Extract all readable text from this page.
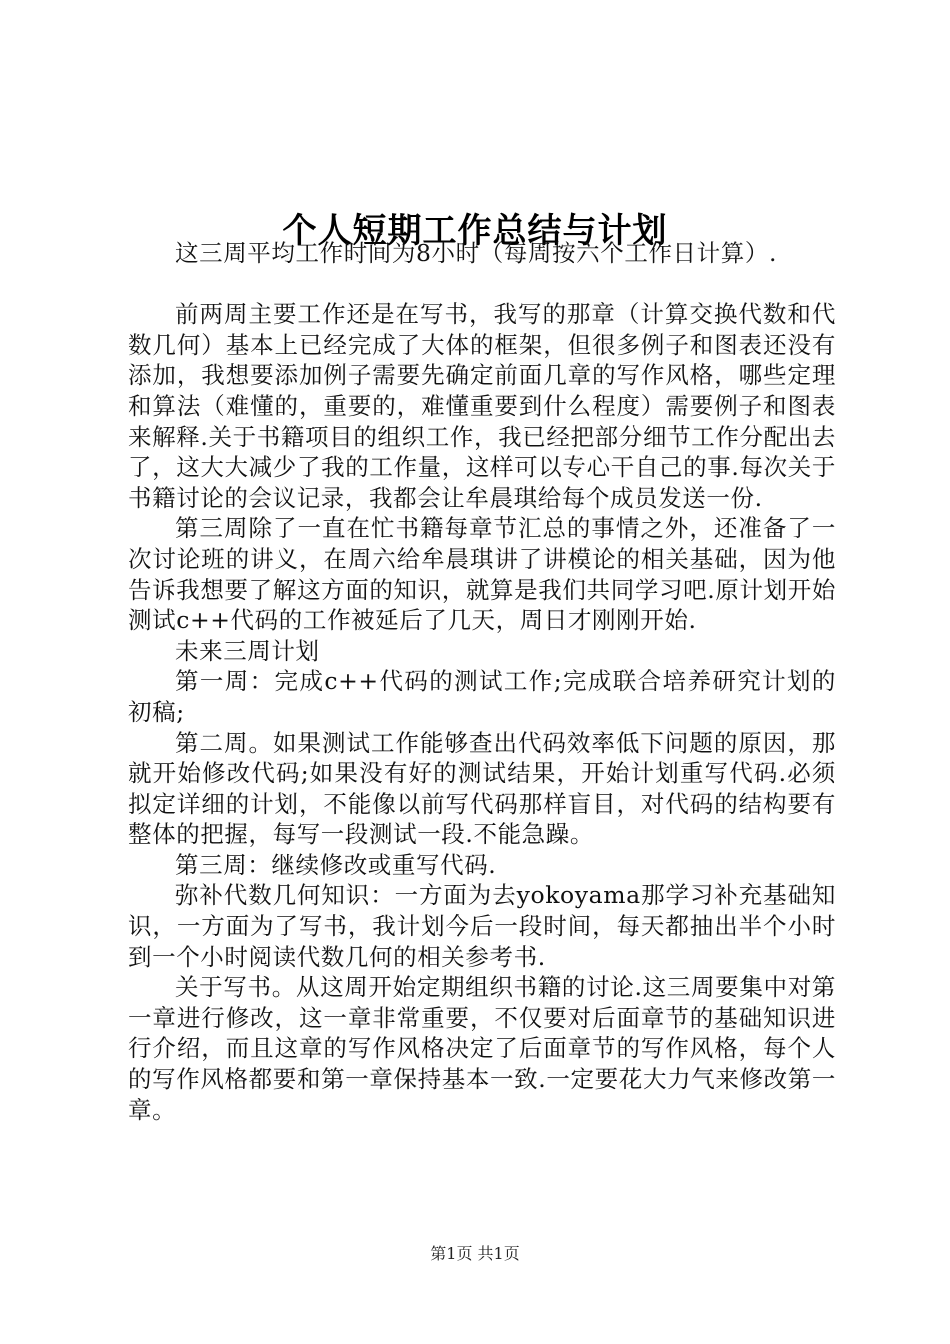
个人短期工作总结与计划

这三周平均工作时间为8小时（每周按六个工作日计算）.

前两周主要工作还是在写书，我写的那章（计算交换代数和代数几何）基本上已经完成了大体的框架，但很多例子和图表还没有添加，我想要添加例子需要先确定前面几章的写作风格，哪些定理和算法（难懂的，重要的，难懂重要到什么程度）需要例子和图表来解释.关于书籍项目的组织工作，我已经把部分细节工作分配出去了，这大大减少了我的工作量，这样可以专心干自己的事.每次关于书籍讨论的会议记录，我都会让牟晨琪给每个成员发送一份.

第三周除了一直在忙书籍每章节汇总的事情之外，还准备了一次讨论班的讲义，在周六给牟晨琪讲了讲模论的相关基础，因为他告诉我想要了解这方面的知识，就算是我们共同学习吧.原计划开始测试c++代码的工作被延后了几天，周日才刚刚开始.

未来三周计划

第一周：完成c++代码的测试工作;完成联合培养研究计划的初稿;

第二周。如果测试工作能够查出代码效率低下问题的原因，那就开始修改代码;如果没有好的测试结果，开始计划重写代码.必须拟定详细的计划，不能像以前写代码那样盲目，对代码的结构要有整体的把握，每写一段测试一段.不能急躁。

第三周：继续修改或重写代码.

弥补代数几何知识：一方面为去yokoyama那学习补充基础知识，一方面为了写书，我计划今后一段时间，每天都抽出半个小时到一个小时阅读代数几何的相关参考书.

关于写书。从这周开始定期组织书籍的讨论.这三周要集中对第一章进行修改，这一章非常重要，不仅要对后面章节的基础知识进行介绍，而且这章的写作风格决定了后面章节的写作风格，每个人的写作风格都要和第一章保持基本一致.一定要花大力气来修改第一章。

第1页 共1页
